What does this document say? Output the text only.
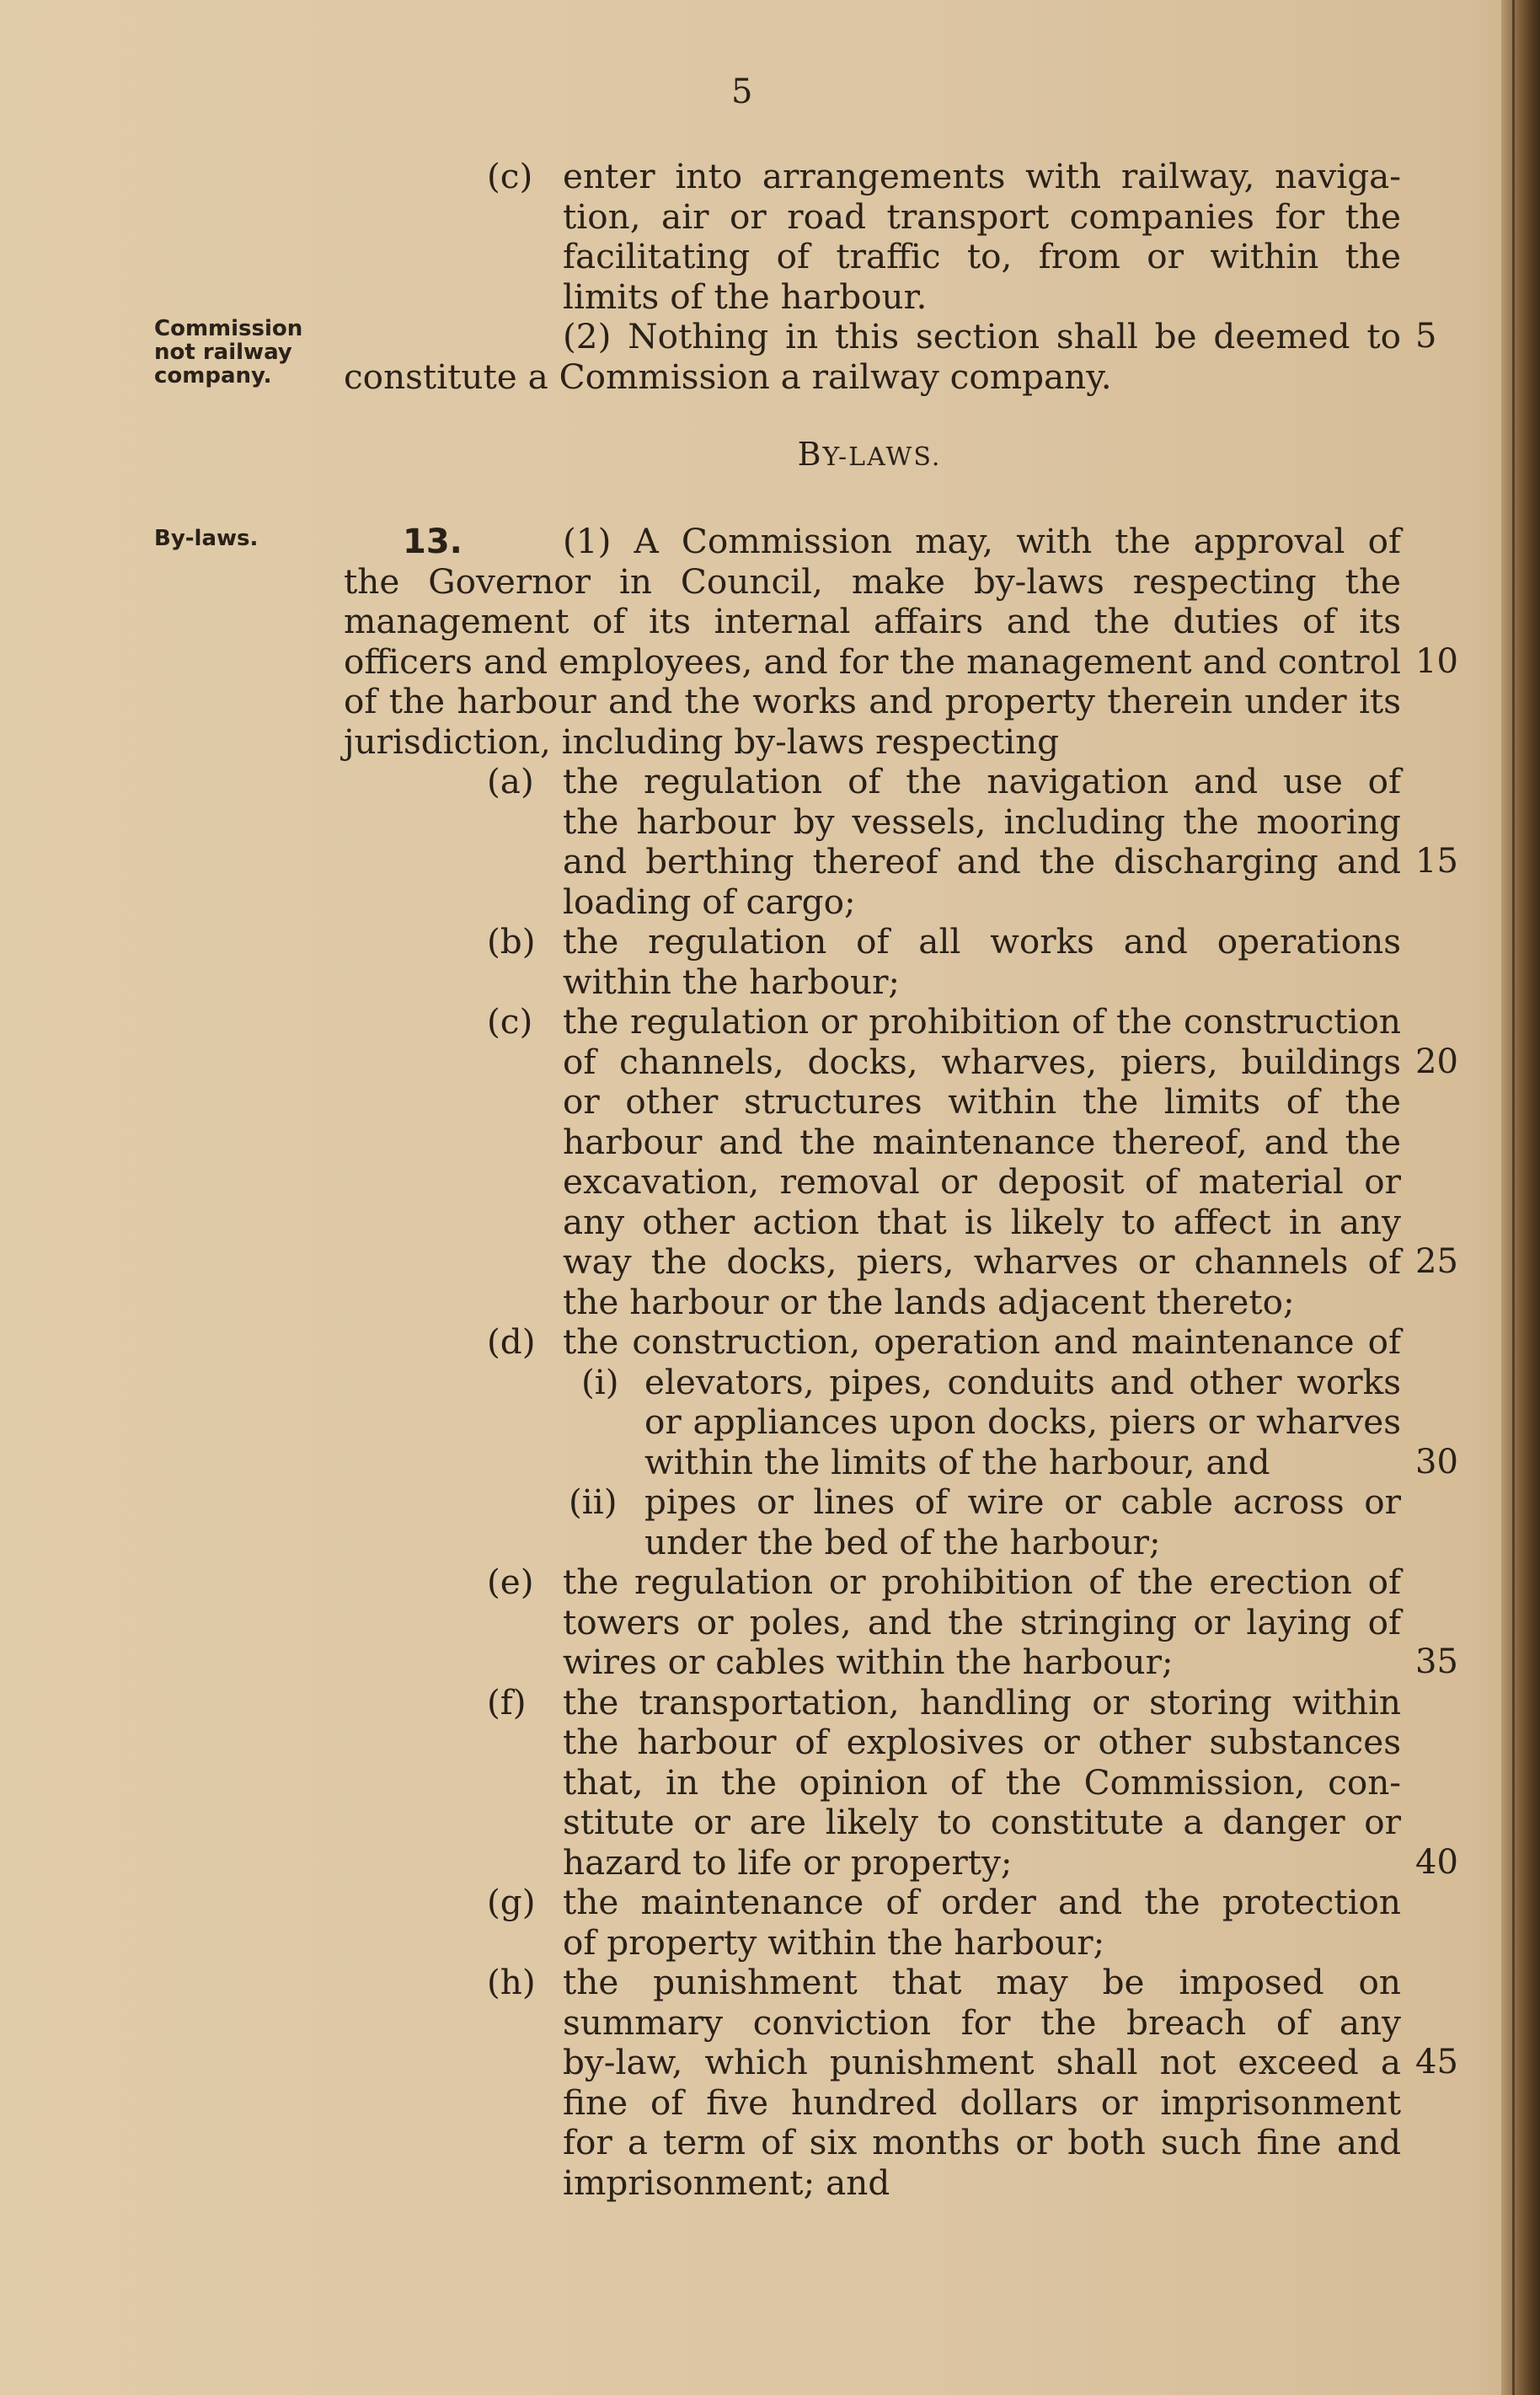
5
Commission
not railway
company.
By-laws.
(c) enter into arrangements with railway, naviga-
tion, air or road transport companies for the
facilitating of traffic to, from or within the
limits of the harbour.
(2) Nothing in this section shall be deemed to 5
constitute a Commission a railway company.
BY-LAWS.
13.	(1) A Commission may, with the approval of
the Governor in Council, make by-laws respecting the
management of its internal affairs and the duties of its
officers and employees, and for the management and control 10
of the harbour and the works and property therein under its
jurisdiction, including by-laws respecting
(a) the regulation of the navigation and use of
the harbour by vessels, including the mooring
and berthing thereof and the discharging and 15
loading of cargo;
(b) the regulation of all works and operations
within the harbour;
(c) the regulation or prohibition of the construction
of channels, docks, wharves, piers, buildings 20
or other structures within the limits of the
harbour and the maintenance thereof, and the
excavation, removal or deposit of material or
any other action that is likely to affect in any
way the docks, piers, wharves or channels of 25
the harbour or the lands adjacent thereto;
(d) the construction, operation and maintenance of
(i) elevators, pipes, conduits and other works
or appliances upon docks, piers or wharves
within the limits of the harbour, and	30
(ii) pipes or lines of wire or cable across or
under the bed of the harbour;
(e) the regulation or prohibition of the erection of
towers or poles, and the stringing or laying of
wires or cables within the harbour;	35
(f) the transportation, handling or storing within
the harbour of explosives or other substances
that, in the opinion of the Commission, con-
stitute or are likely to constitute a danger or
hazard to life or property;	40
(g) the maintenance of order and the protection
of property within the harbour;
(h) the punishment that may be imposed on
summary conviction for the breach of any
by-law, which punishment shall not exceed a 45
fine of five hundred dollars or imprisonment
for a term of six months or both such fine and
imprisonment; and
